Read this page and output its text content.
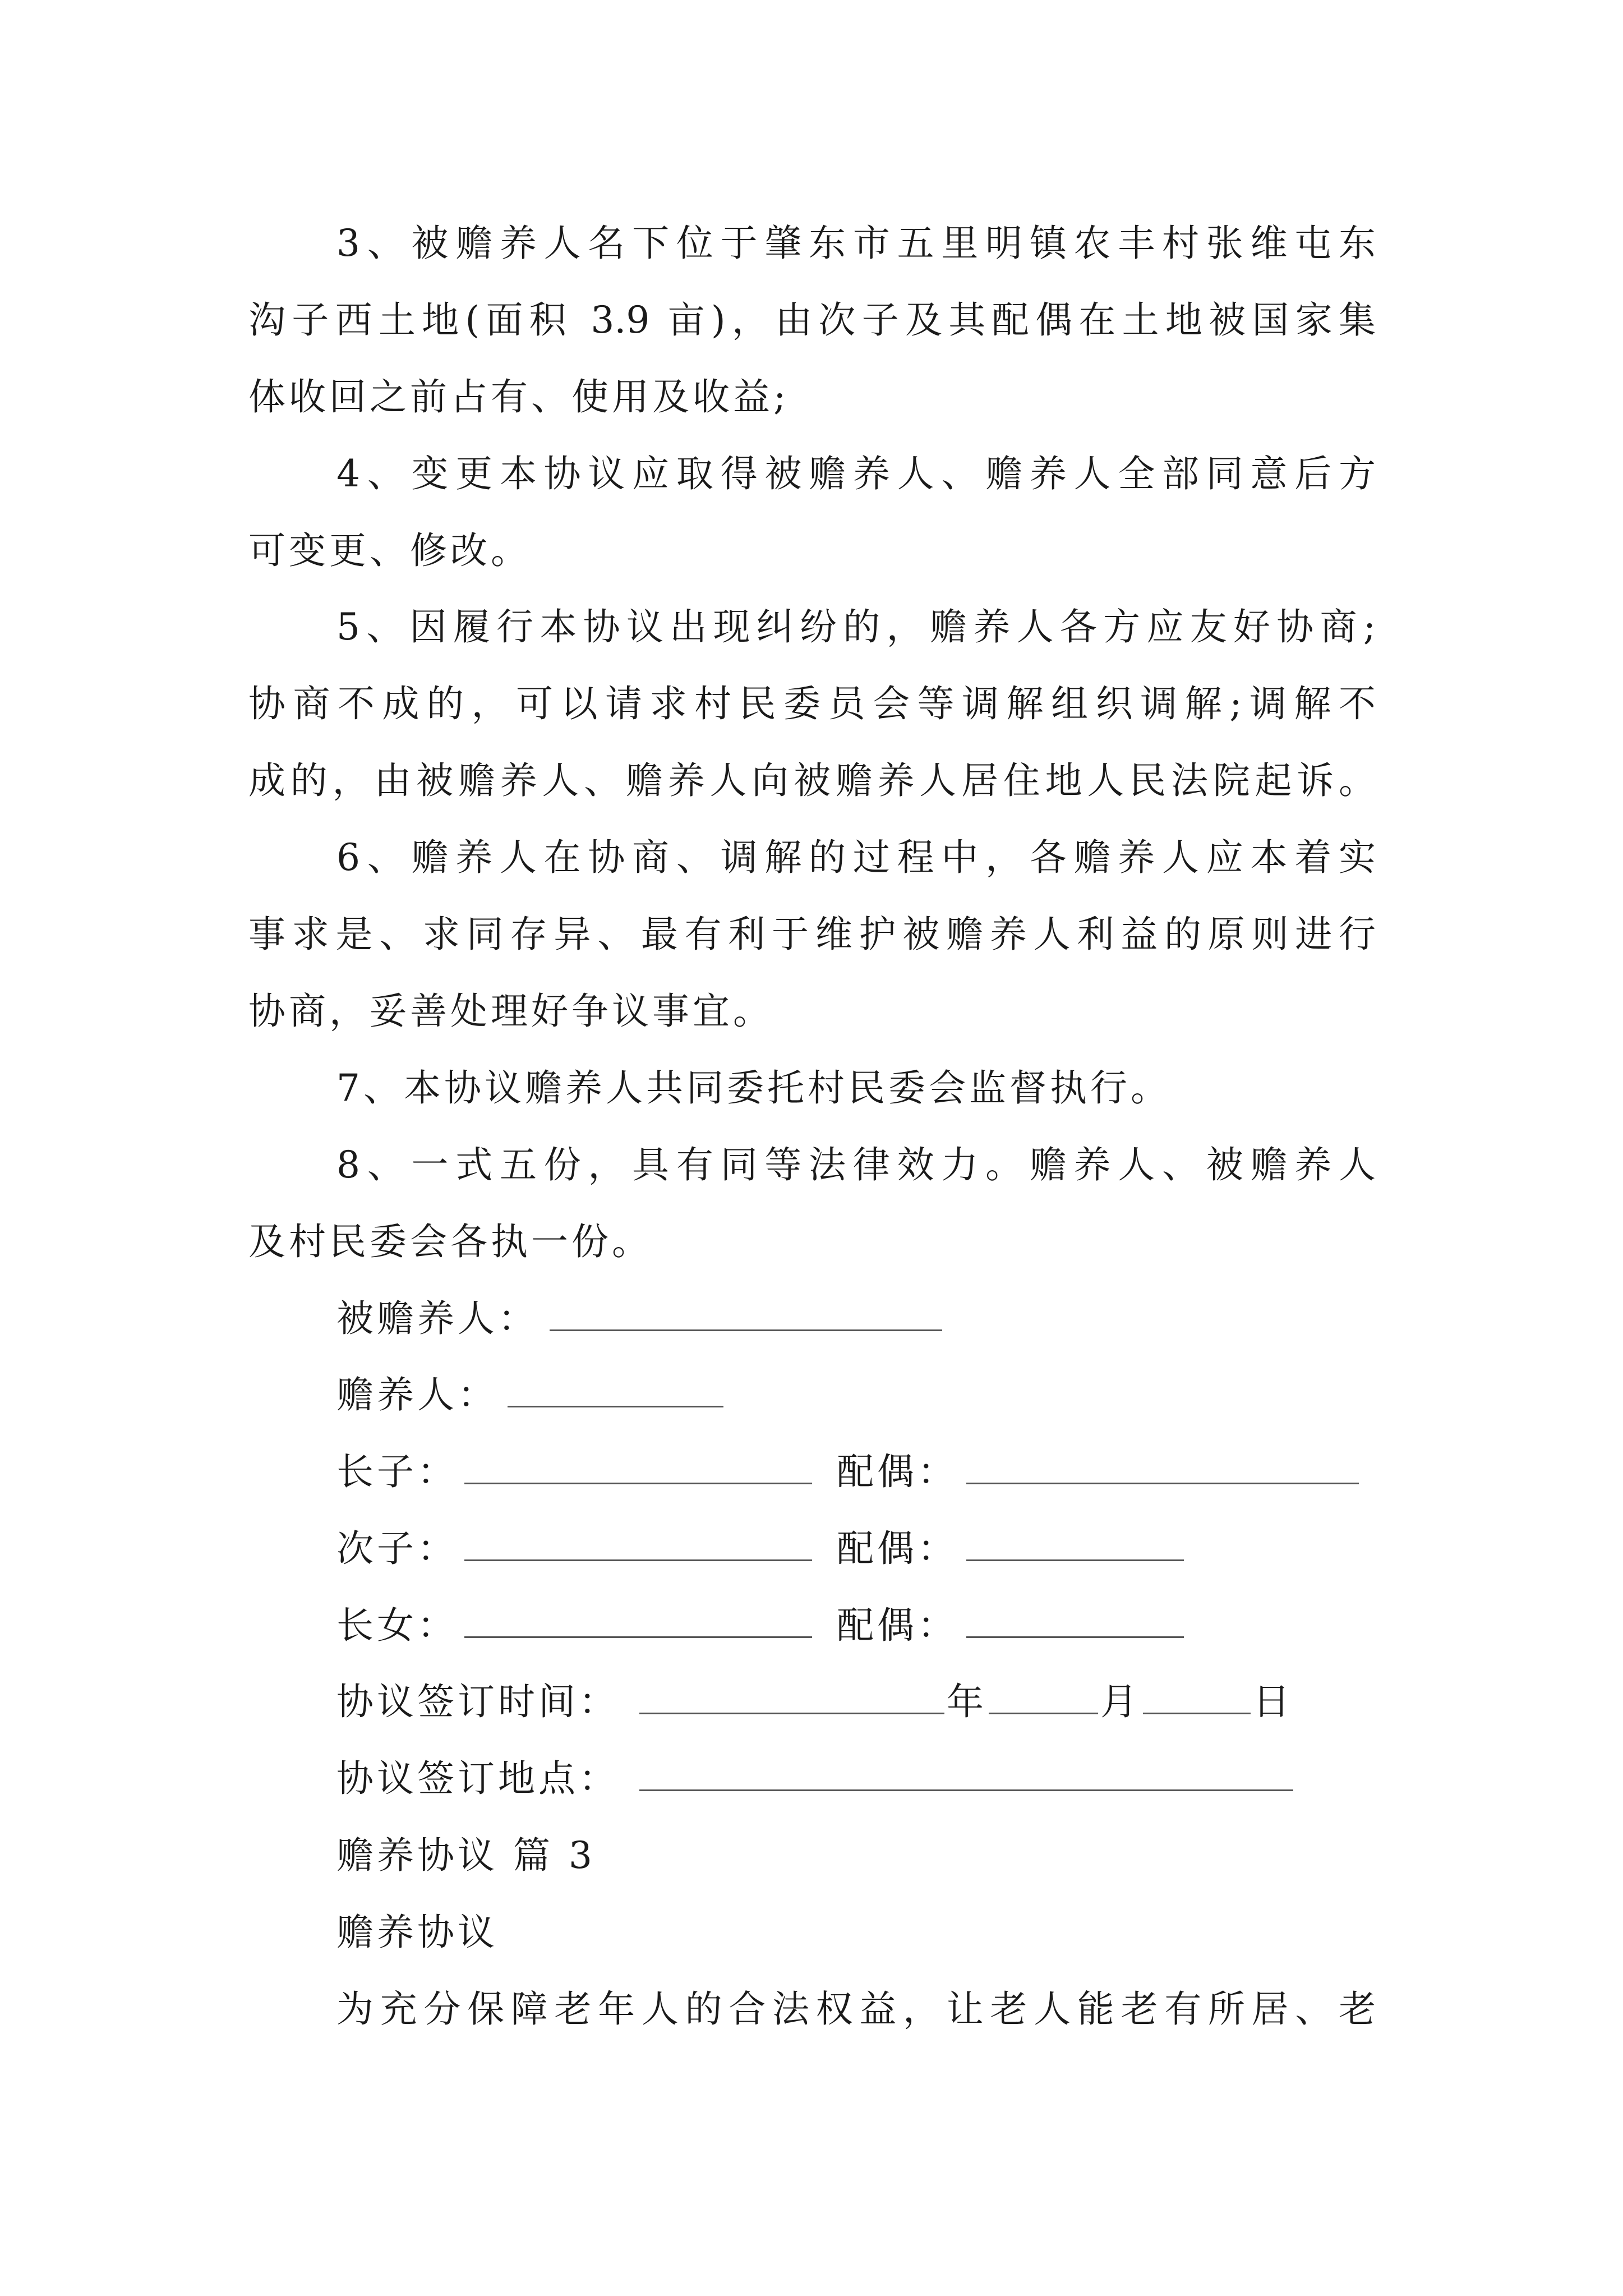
3、被赡养人名下位于肇东市五里明镇农丰村张维屯东
沟子西土地(面积 3.9 亩)，由次子及其配偶在土地被国家集
体收回之前占有、使用及收益;
4、变更本协议应取得被赡养人、赡养人全部同意后方
可变更、修改。
5、因履行本协议出现纠纷的，赡养人各方应友好协商;
协商不成的，可以请求村民委员会等调解组织调解;调解不
成的，由被赡养人、赡养人向被赡养人居住地人民法院起诉。
6、赡养人在协商、调解的过程中，各赡养人应本着实
事求是、求同存异、最有利于维护被赡养人利益的原则进行
协商，妥善处理好争议事宜。
7、本协议赡养人共同委托村民委会监督执行。
8、一式五份，具有同等法律效力。赡养人、被赡养人
及村民委会各执一份。
被赡养人：
赡养人：
长子：	配偶：
次子：	配偶：
长女：	配偶：
协议签订时间：	年	月	日
协议签订地点：
赡养协议 篇 3
赡养协议
为充分保障老年人的合法权益，让老人能老有所居、老
